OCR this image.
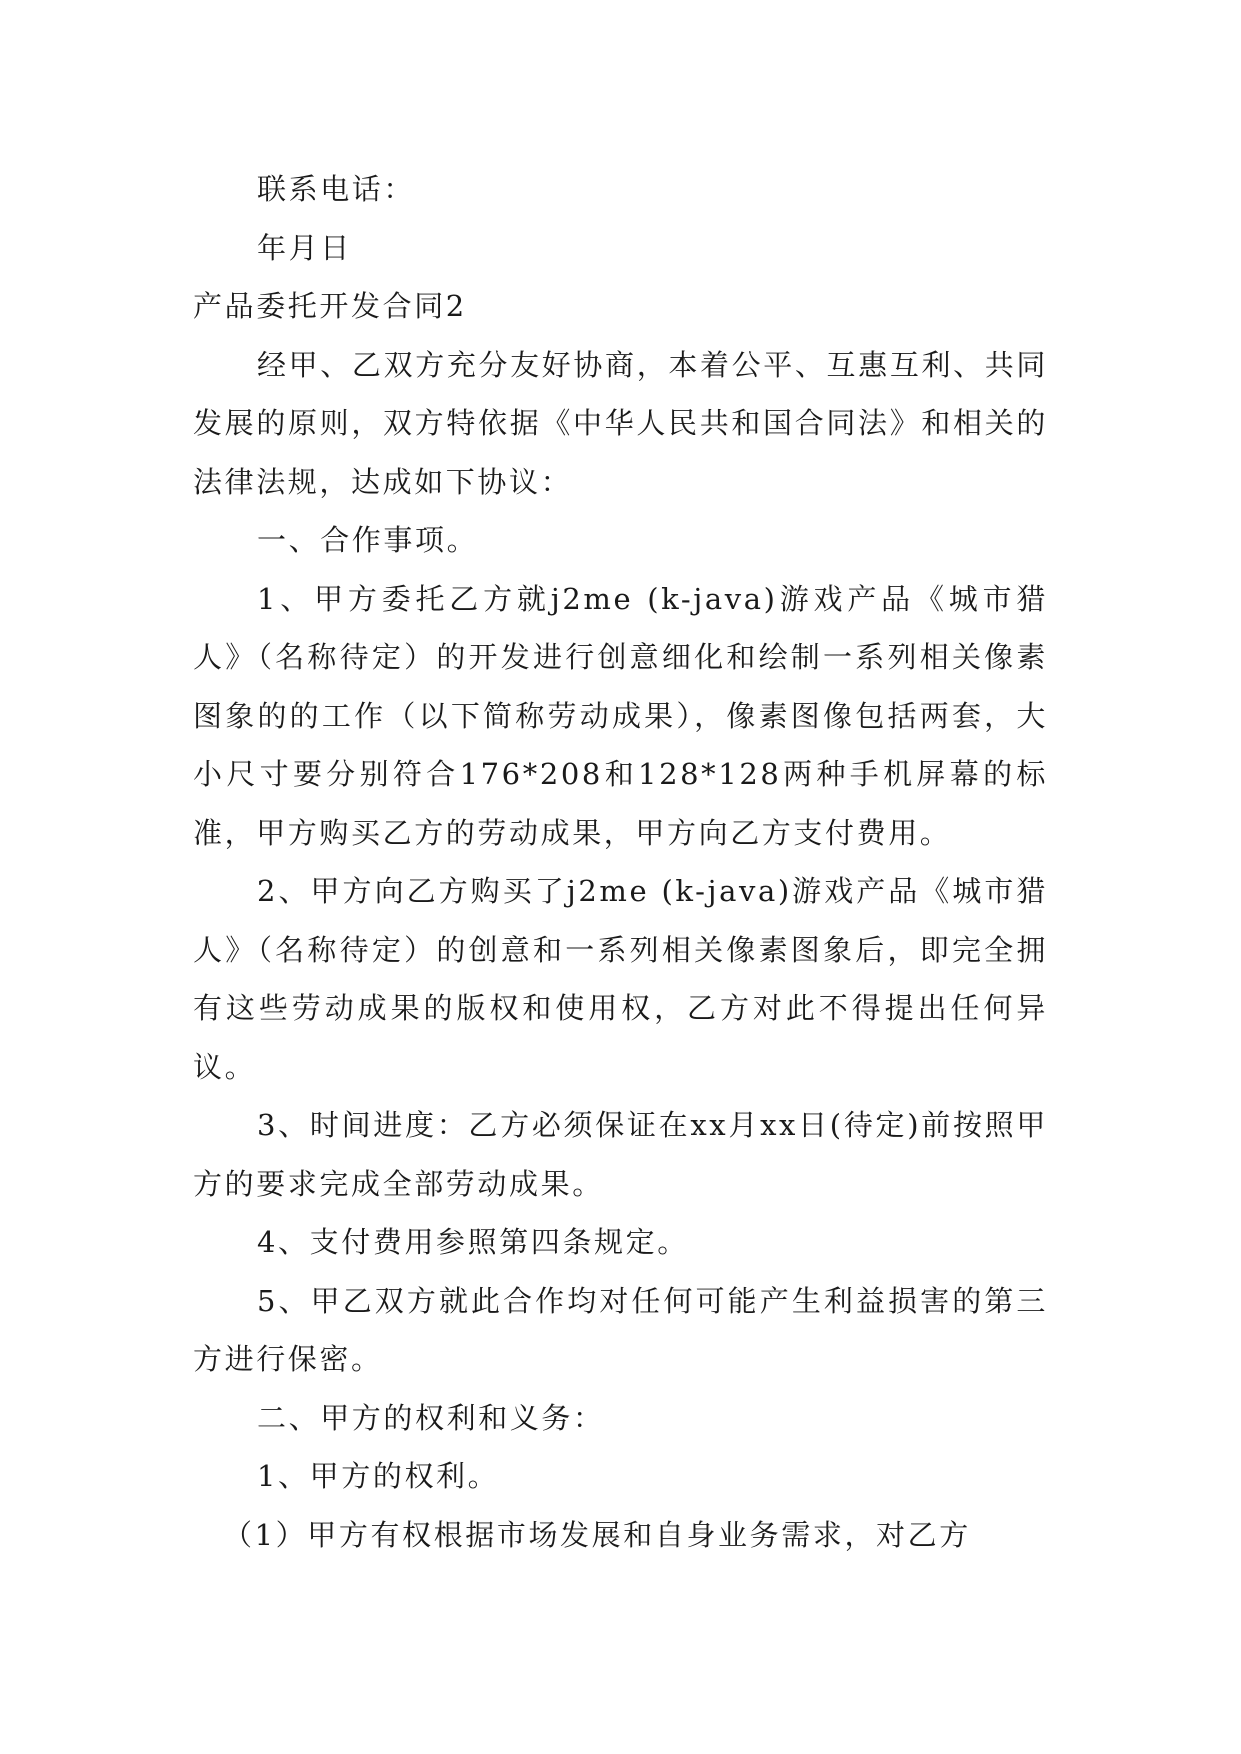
联系电话：

年月日

产品委托开发合同2

经甲、乙双方充分友好协商，本着公平、互惠互利、共同发展的原则，双方特依据《中华人民共和国合同法》和相关的法律法规，达成如下协议：

一、合作事项。

1、甲方委托乙方就j2me (k-java)游戏产品《城市猎人》（名称待定）的开发进行创意细化和绘制一系列相关像素图象的的工作（以下简称劳动成果），像素图像包括两套，大小尺寸要分别符合176*208和128*128两种手机屏幕的标准，甲方购买乙方的劳动成果，甲方向乙方支付费用。

2、甲方向乙方购买了j2me (k-java)游戏产品《城市猎人》（名称待定）的创意和一系列相关像素图象后，即完全拥有这些劳动成果的版权和使用权，乙方对此不得提出任何异议。

3、时间进度：乙方必须保证在xx月xx日(待定)前按照甲方的要求完成全部劳动成果。

4、支付费用参照第四条规定。

5、甲乙双方就此合作均对任何可能产生利益损害的第三方进行保密。

二、甲方的权利和义务：

1、甲方的权利。

（1）甲方有权根据市场发展和自身业务需求，对乙方
